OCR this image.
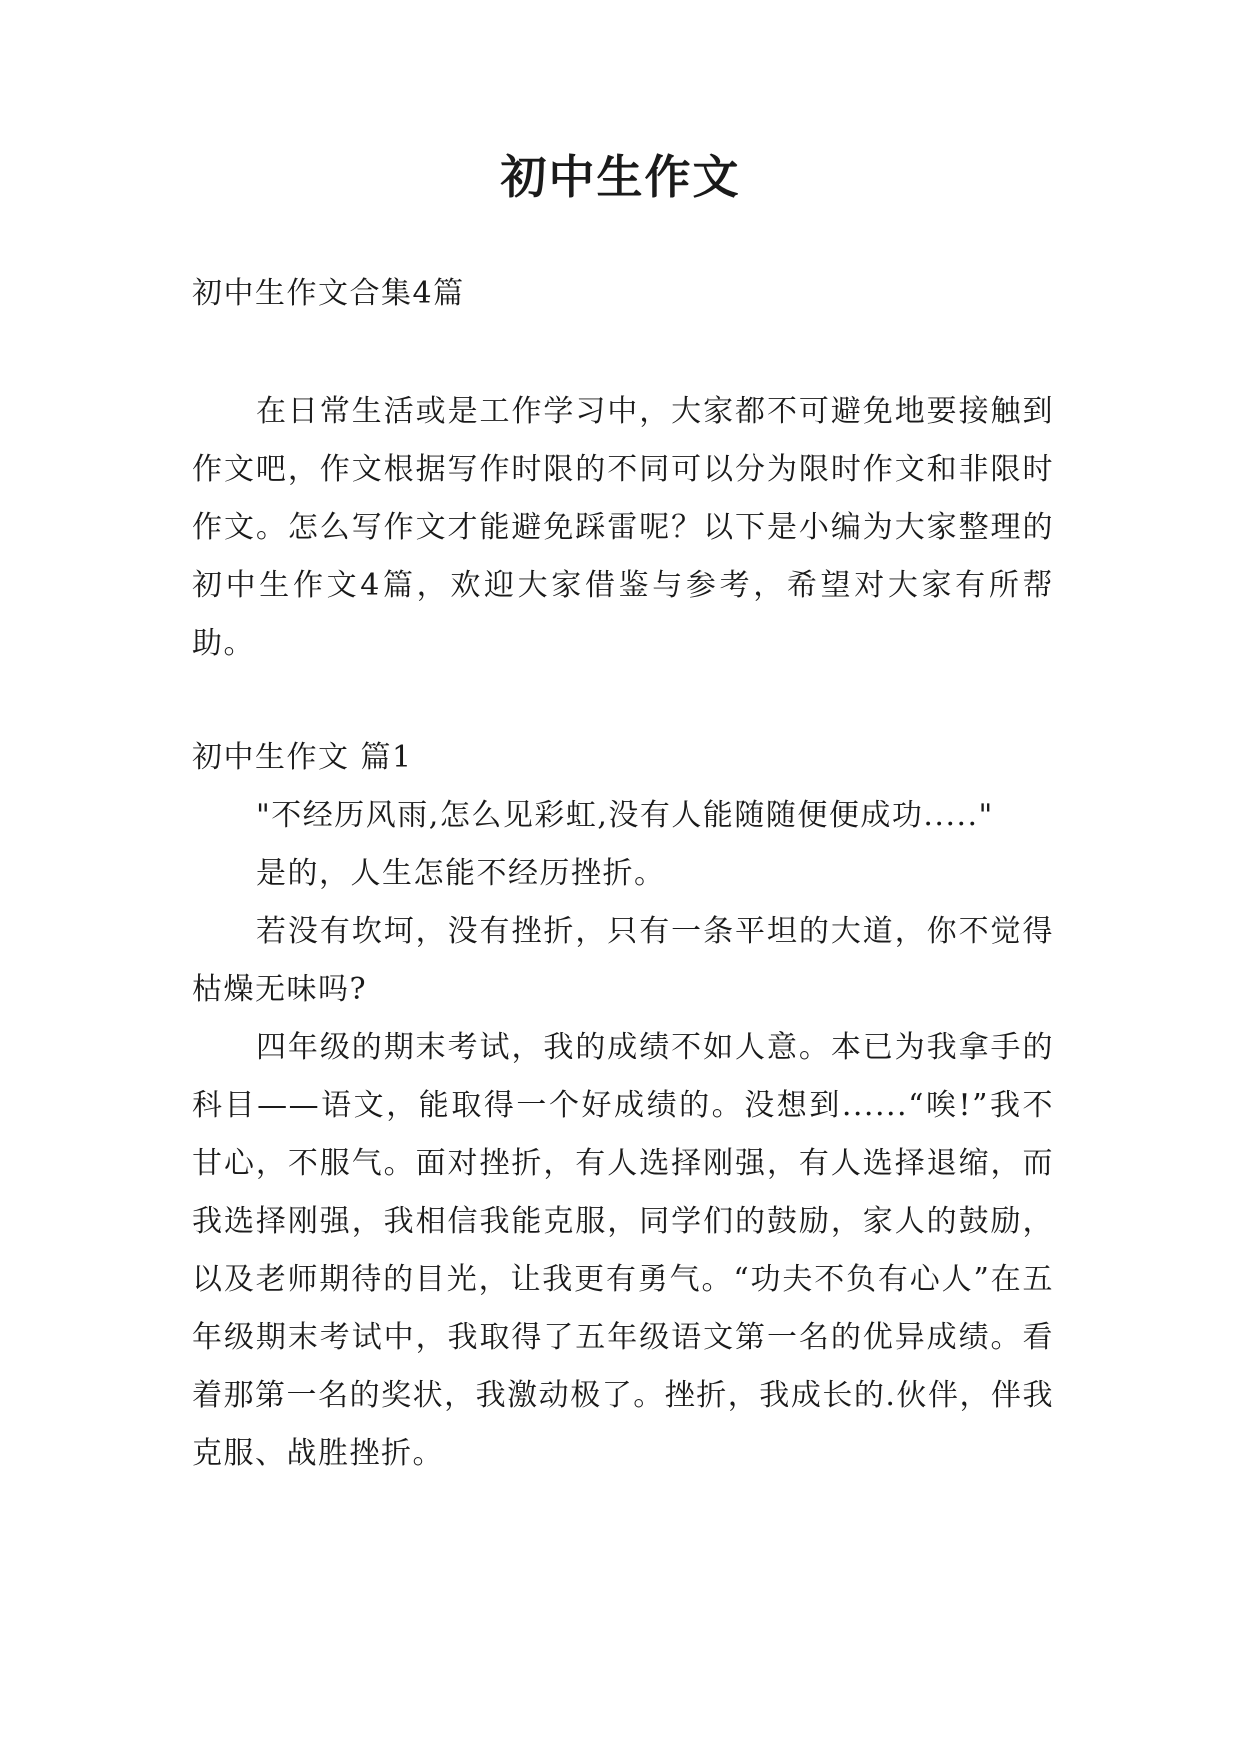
初中生作文

初中生作文合集4篇

在日常生活或是工作学习中，大家都不可避免地要接触到作文吧，作文根据写作时限的不同可以分为限时作文和非限时作文。怎么写作文才能避免踩雷呢？以下是小编为大家整理的初中生作文4篇，欢迎大家借鉴与参考，希望对大家有所帮助。

初中生作文 篇1

"不经历风雨,怎么见彩虹,没有人能随随便便成功....."

是的，人生怎能不经历挫折。

若没有坎坷，没有挫折，只有一条平坦的大道，你不觉得枯燥无味吗?

四年级的期末考试，我的成绩不如人意。本已为我拿手的科目——语文，能取得一个好成绩的。没想到......“唉!”我不甘心，不服气。面对挫折，有人选择刚强，有人选择退缩，而我选择刚强，我相信我能克服，同学们的鼓励，家人的鼓励，以及老师期待的目光，让我更有勇气。“功夫不负有心人”在五年级期末考试中，我取得了五年级语文第一名的优异成绩。看着那第一名的奖状，我激动极了。挫折，我成长的.伙伴，伴我克服、战胜挫折。
